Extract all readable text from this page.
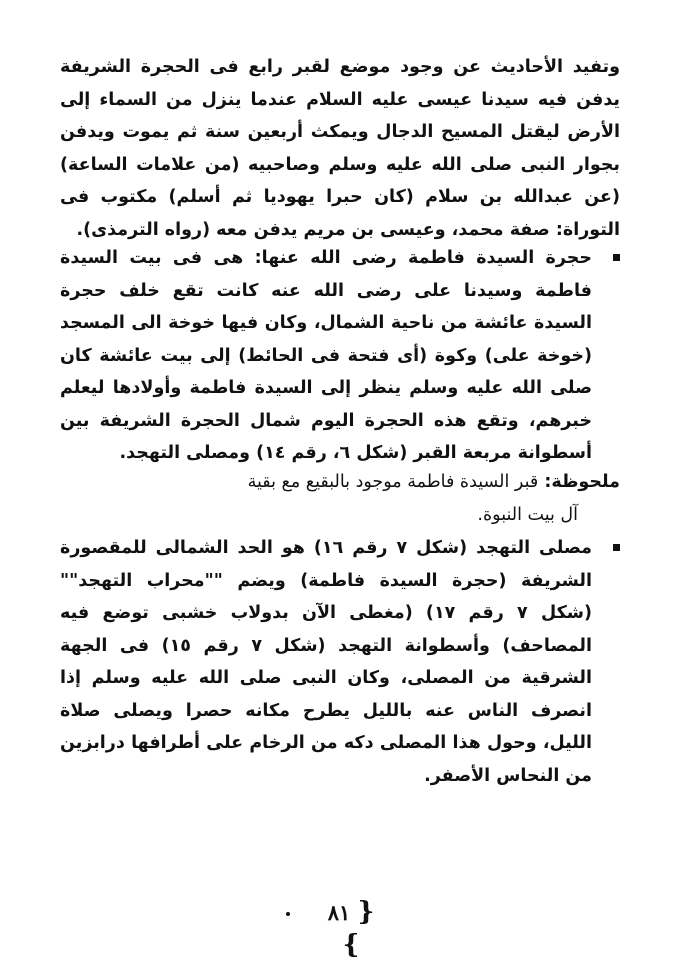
وتفيد الأحاديث عن وجود موضع لقبر رابع فى الحجرة الشريفة يدفن فيه سيدنا عيسى عليه السلام عندما ينزل من السماء إلى الأرض ليقتل المسيح الدجال ويمكث أربعين سنة ثم يموت ويدفن بجوار النبى صلى الله عليه وسلم وصاحبيه (من علامات الساعة) (عن عبدالله بن سلام (كان حبرا يهوديا ثم أسلم) مكتوب فى التوراة: صفة محمد، وعيسى بن مريم يدفن معه (رواه الترمذى).
حجرة السيدة فاطمة رضى الله عنها: هى فى بيت السيدة فاطمة وسيدنا على رضى الله عنه كانت تقع خلف حجرة السيدة عائشة من ناحية الشمال، وكان فيها خوخة الى المسجد (خوخة على) وكوة (أى فتحة فى الحائط) إلى بيت عائشة كان صلى الله عليه وسلم ينظر إلى السيدة فاطمة وأولادها ليعلم خبرهم، وتقع هذه الحجرة اليوم شمال الحجرة الشريفة بين أسطوانة مربعة القبر (شكل ٦، رقم ١٤) ومصلى التهجد.
ملحوظة: قبر السيدة فاطمة موجود بالبقيع مع بقية
آل بيت النبوة.
مصلى التهجد (شكل ٧ رقم ١٦) هو الحد الشمالى للمقصورة الشريفة (حجرة السيدة فاطمة) ويضم ""محراب التهجد"" (شكل ٧ رقم ١٧) (مغطى الآن بدولاب خشبى توضع فيه المصاحف) وأسطوانة التهجد (شكل ٧ رقم ١٥) فى الجهة الشرقية من المصلى، وكان النبى صلى الله عليه وسلم إذا انصرف الناس عنه بالليل يطرح مكانه حصرا ويصلى صلاة الليل، وحول هذا المصلى دكه من الرخام على أطرافها درابزين من النحاس الأصفر.
{ ٨١ }
